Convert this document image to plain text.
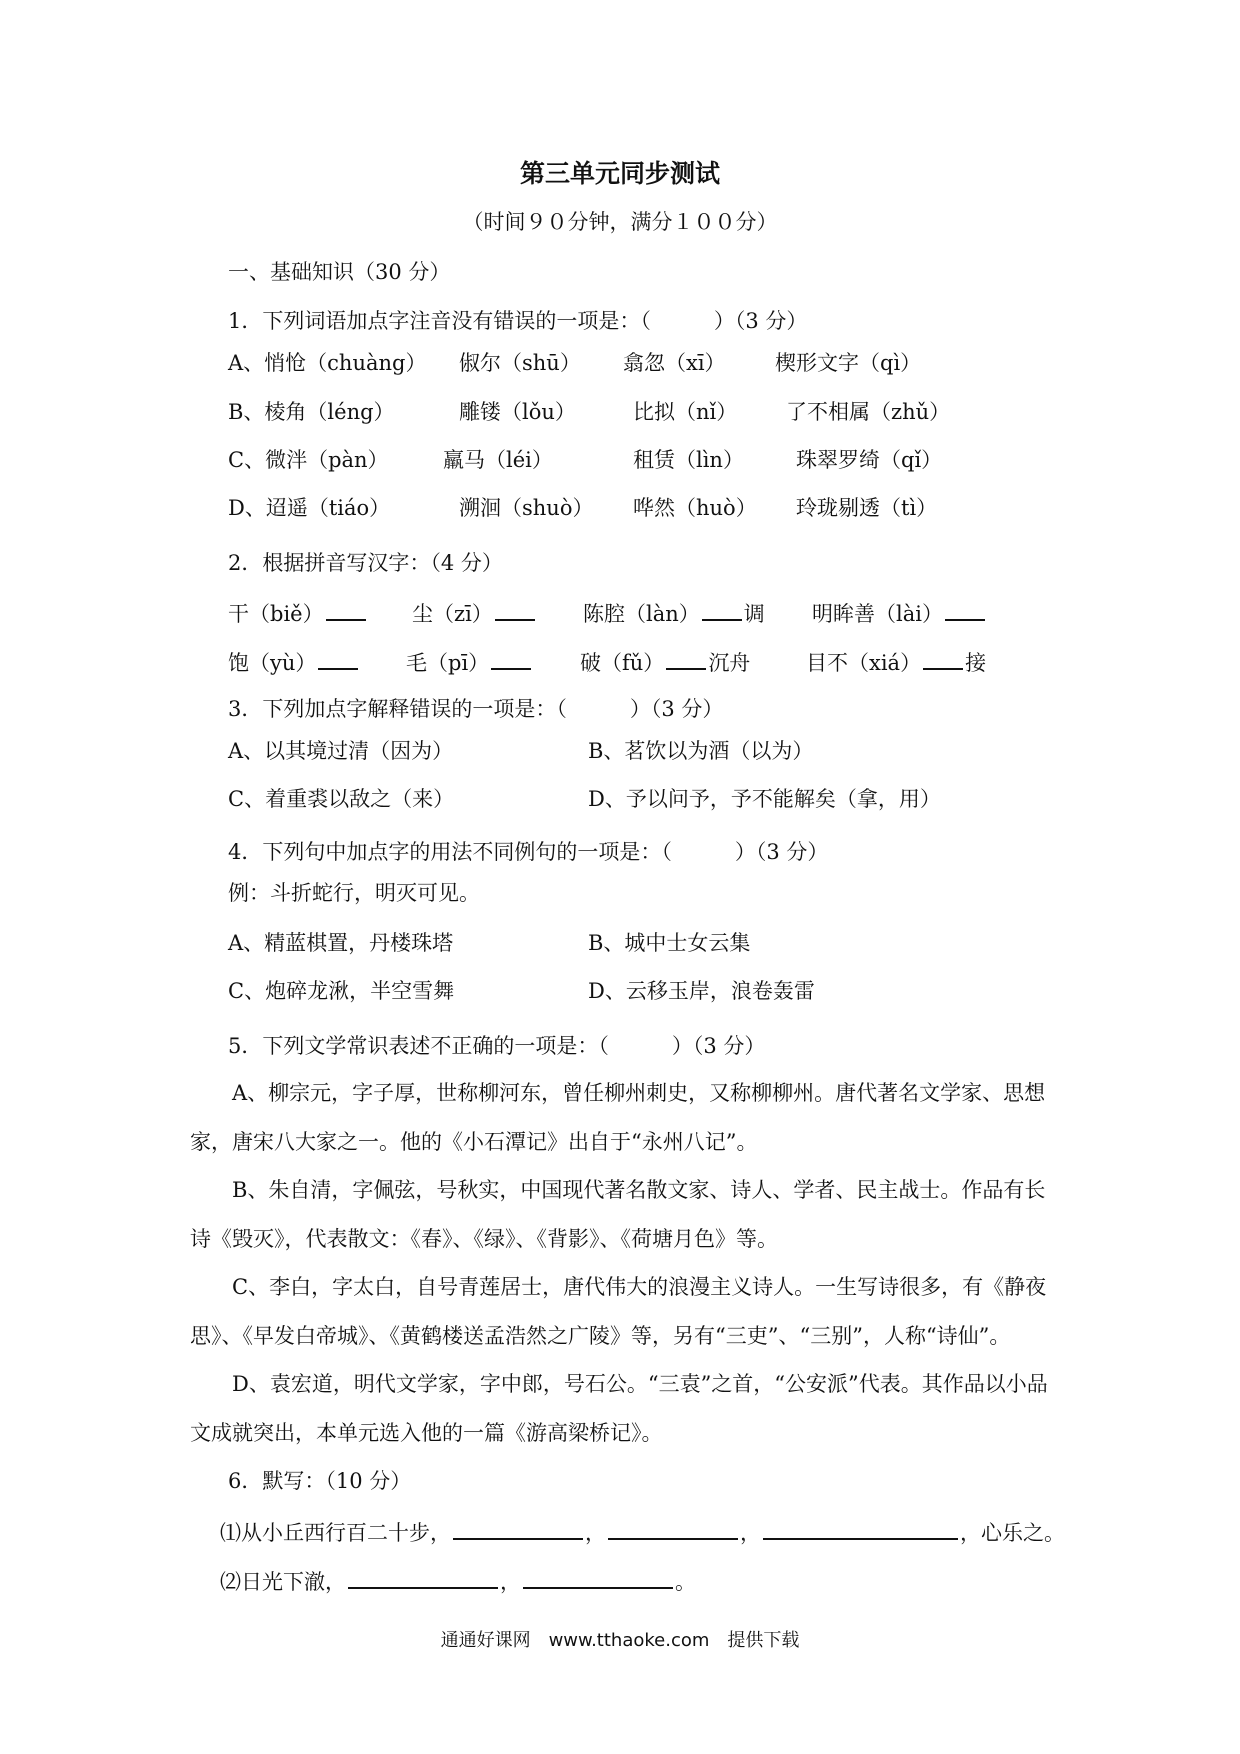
第三单元同步测试
（时间９０分钟，满分１００分）
一、基础知识（30 分）
1．下列词语加点字注音没有错误的一项是：（　　　）（3 分）
A、悄怆（chuàng） 俶尔（shū） 翕忽（xī） 楔形文字（qì）
B、棱角（léng）	雕镂（lǒu）	比拟（nǐ） 了不相属（zhǔ）
C、微泮（pàn）	羸马（léi）	租赁（lìn） 珠翠罗绮（qǐ）
D、迢遥（tiáo）	溯洄（shuò） 哗然（huò） 玲珑剔透（tì）
2．根据拼音写汉字：（4 分）
干（biě）	尘（zī）	陈腔（làn） 调 明眸善（lài）
饱（yù）	毛（pī）	破（fǔ） 沉舟	目不（xiá） 接
3．下列加点字解释错误的一项是：（　　　）（3 分）
A、以其境过清（因为）	B、茗饮以为酒（以为）
C、着重裘以敌之（来）	D、予以问予，予不能解矣（拿，用）
4．下列句中加点字的用法不同例句的一项是：（　　　）（3 分）
例：斗折蛇行，明灭可见。
A、精蓝棋置，丹楼珠塔	B、城中士女云集
C、炮碎龙湫，半空雪舞	D、云移玉岸，浪卷轰雷
5．下列文学常识表述不正确的一项是：（　　　）（3 分）
A、柳宗元，字子厚，世称柳河东，曾任柳州刺史，又称柳柳州。唐代著名文学家、思想家，唐宋八大家之一。他的《小石潭记》出自于“永州八记”。
B、朱自清，字佩弦，号秋实，中国现代著名散文家、诗人、学者、民主战士。作品有长诗《毁灭》，代表散文：《春》、《绿》、《背影》、《荷塘月色》等。
C、李白，字太白，自号青莲居士，唐代伟大的浪漫主义诗人。一生写诗很多，有《静夜思》、《早发白帝城》、《黄鹤楼送孟浩然之广陵》等，另有“三吏”、“三别”，人称“诗仙”。
D、袁宏道，明代文学家，字中郎，号石公。“三袁”之首，“公安派”代表。其作品以小品文成就突出，本单元选入他的一篇《游高梁桥记》。
6．默写：（10 分）
⑴从小丘西行百二十步，	，	，	，心乐之。
⑵日光下澈，	，	。
通通好课网　www.tthaoke.com　提供下载
